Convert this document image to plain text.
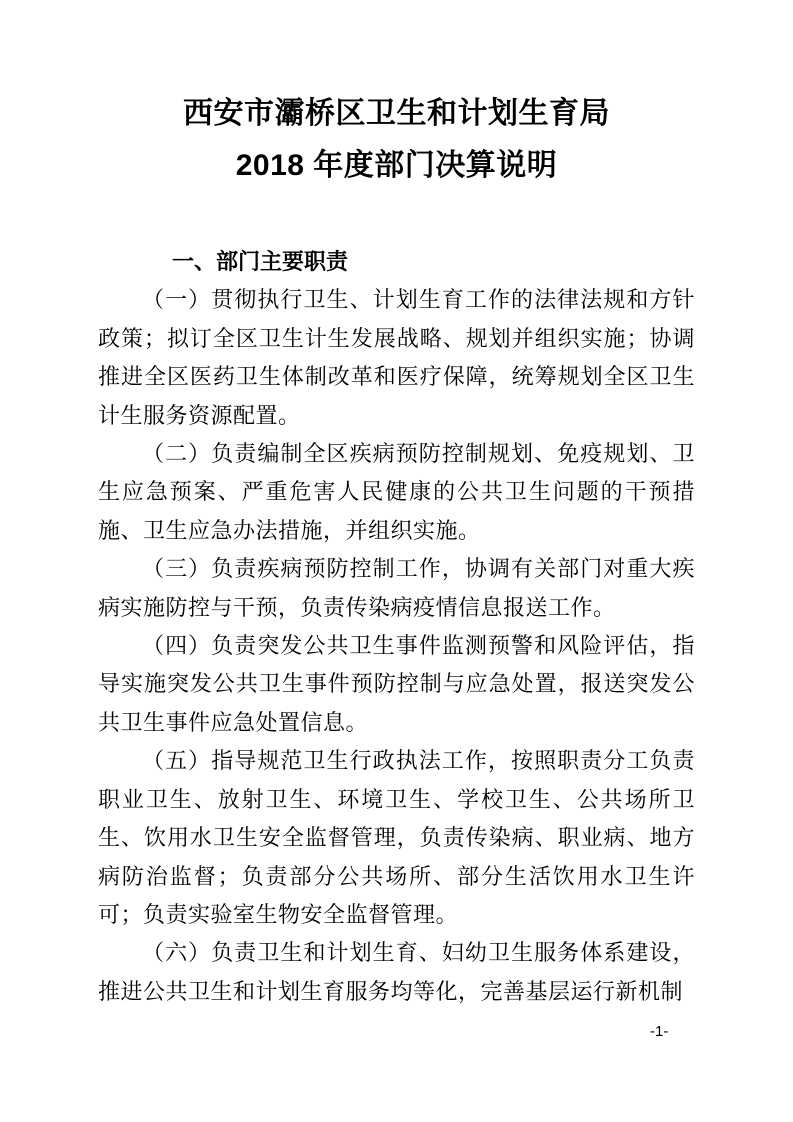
西安市灞桥区卫生和计划生育局
2018 年度部门决算说明
一、部门主要职责

（一）贯彻执行卫生、计划生育工作的法律法规和方针政策；拟订全区卫生计生发展战略、规划并组织实施；协调推进全区医药卫生体制改革和医疗保障，统筹规划全区卫生计生服务资源配置。

（二）负责编制全区疾病预防控制规划、免疫规划、卫生应急预案、严重危害人民健康的公共卫生问题的干预措施、卫生应急办法措施，并组织实施。

（三）负责疾病预防控制工作，协调有关部门对重大疾病实施防控与干预，负责传染病疫情信息报送工作。

（四）负责突发公共卫生事件监测预警和风险评估，指导实施突发公共卫生事件预防控制与应急处置，报送突发公共卫生事件应急处置信息。

（五）指导规范卫生行政执法工作，按照职责分工负责职业卫生、放射卫生、环境卫生、学校卫生、公共场所卫生、饮用水卫生安全监督管理，负责传染病、职业病、地方病防治监督；负责部分公共场所、部分生活饮用水卫生许可；负责实验室生物安全监督管理。

（六）负责卫生和计划生育、妇幼卫生服务体系建设，推进公共卫生和计划生育服务均等化，完善基层运行新机制

-1-
